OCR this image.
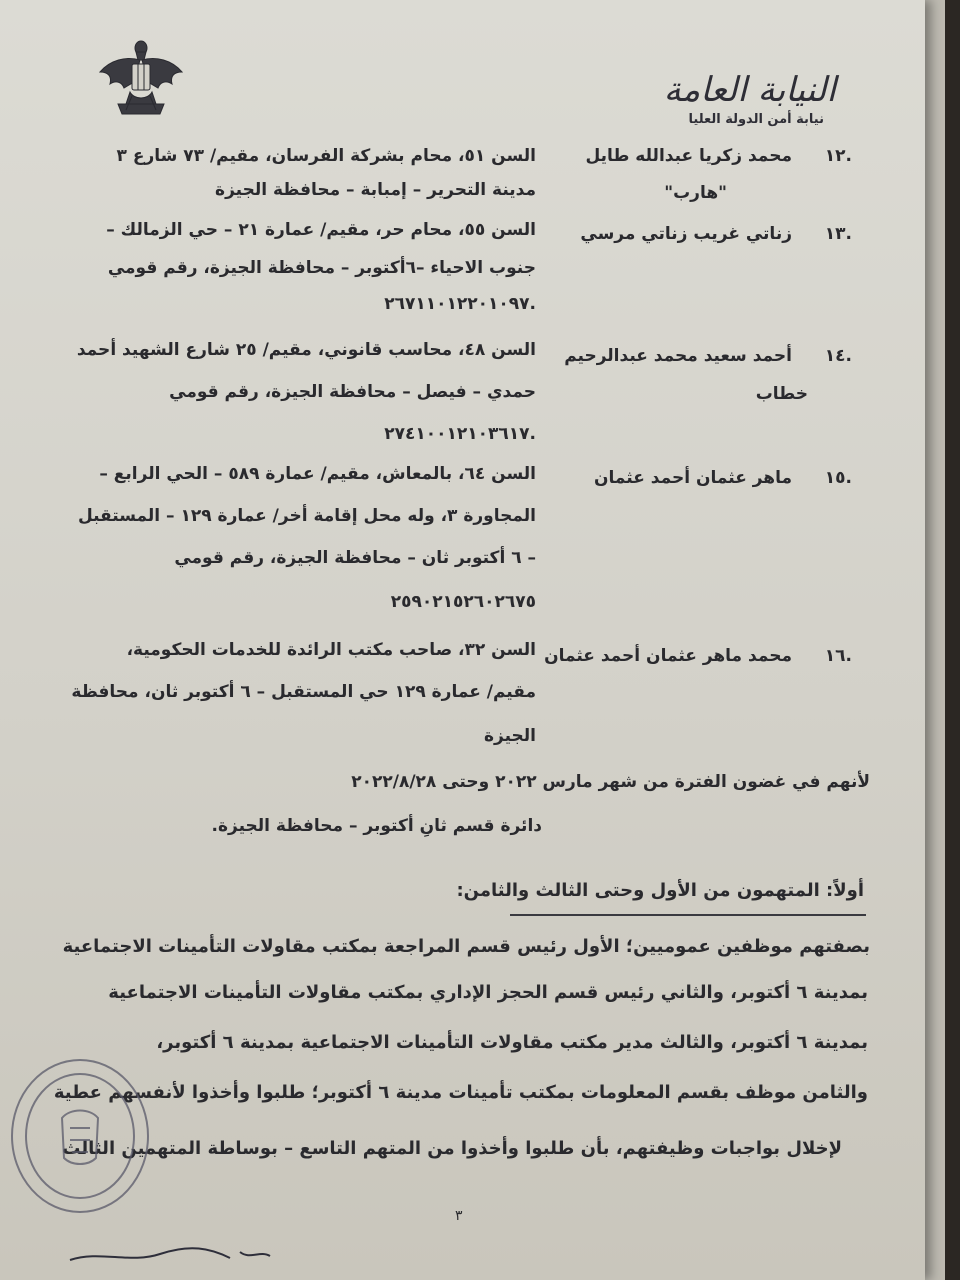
النيابة العامة
نيابة أمن الدولة العليا
١٢.
محمد زكريا عبدالله طايل
"هارب"
السن ٥١، محام بشركة الفرسان، مقيم/ ٧٣ شارع ٣
مدينة التحرير – إمبابة – محافظة الجيزة
١٣.
زناتي غريب زناتي مرسي
السن ٥٥، محام حر، مقيم/ عمارة ٢١ – حي الزمالك –
جنوب الاحياء –٦أكتوبر – محافظة الجيزة، رقم قومي
٢٦٧١١٠١٢٢٠١٠٩٧.
١٤.
أحمد سعيد محمد عبدالرحيم
خطاب
السن ٤٨، محاسب قانوني، مقيم/ ٢٥ شارع الشهيد أحمد
حمدي – فيصل – محافظة الجيزة، رقم قومي
٢٧٤١٠٠١٢١٠٣٦١٧.
١٥.
ماهر عثمان أحمد عثمان
السن ٦٤، بالمعاش، مقيم/ عمارة ٥٨٩ – الحي الرابع –
المجاورة ٣، وله محل إقامة أخر/ عمارة ١٢٩ – المستقبل
– ٦ أكتوبر ثان – محافظة الجيزة، رقم قومي
٢٥٩٠٢١٥٢٦٠٢٦٧٥
١٦.
محمد ماهر عثمان أحمد عثمان
السن ٣٢، صاحب مكتب الرائدة للخدمات الحكومية،
مقيم/ عمارة ١٢٩ حي المستقبل – ٦ أكتوبر ثان، محافظة
الجيزة
لأنهم في غضون الفترة من شهر مارس ٢٠٢٢ وحتى ٢٠٢٢/٨/٢٨
دائرة قسم ثانِ أكتوبر – محافظة الجيزة.
أولاً: المتهمون من الأول وحتى الثالث والثامن:
بصفتهم موظفين عموميين؛ الأول رئيس قسم المراجعة بمكتب مقاولات التأمينات الاجتماعية
بمدينة ٦ أكتوبر، والثاني رئيس قسم الحجز الإداري بمكتب مقاولات التأمينات الاجتماعية
بمدينة ٦ أكتوبر، والثالث مدير مكتب مقاولات التأمينات الاجتماعية بمدينة ٦ أكتوبر،
والثامن موظف بقسم المعلومات بمكتب تأمينات مدينة ٦ أكتوبر؛ طلبوا وأخذوا لأنفسهم عطية
لإخلال بواجبات وظيفتهم، بأن طلبوا وأخذوا من المتهم التاسع – بوساطة المتهمين الثالث
٣
